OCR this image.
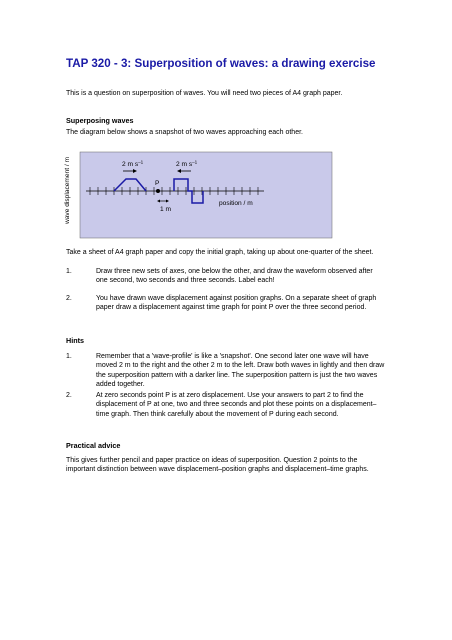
TAP 320 - 3: Superposition of waves: a drawing exercise
This is a question on superposition of waves. You will need two pieces of A4 graph paper.
Superposing waves
The diagram below shows a snapshot of two waves approaching each other.
wave displacement / m	P
2 m $s^{-1}$	2 m $s^{-1}$
1 m
position / m
Take a sheet of A4 graph paper and copy the initial graph, taking up about one-quarter of the sheet.
1.	Draw three new sets of axes, one below the other, and draw the waveform observed after one second, two seconds and three seconds. Label each!
2.	You have drawn wave displacement against position graphs. On a separate sheet of graph paper draw a displacement against time graph for point P over the three second period.
Hints
1.	Remember that a 'wave-profile' is like a 'snapshot'. One second later one wave will have moved 2 m to the right and the other 2 m to the left. Draw both waves in lightly and then draw the superposition pattern with a darker line. The superposition pattern is just the two waves added together.
2.	At zero seconds point P is at zero displacement. Use your answers to part 2 to find the displacement of P at one, two and three seconds and plot these points on a displacement–time graph. Then think carefully about the movement of P during each second.
Practical advice
This gives further pencil and paper practice on ideas of superposition. Question 2 points to the important distinction between wave displacement–position graphs and displacement–time graphs.
